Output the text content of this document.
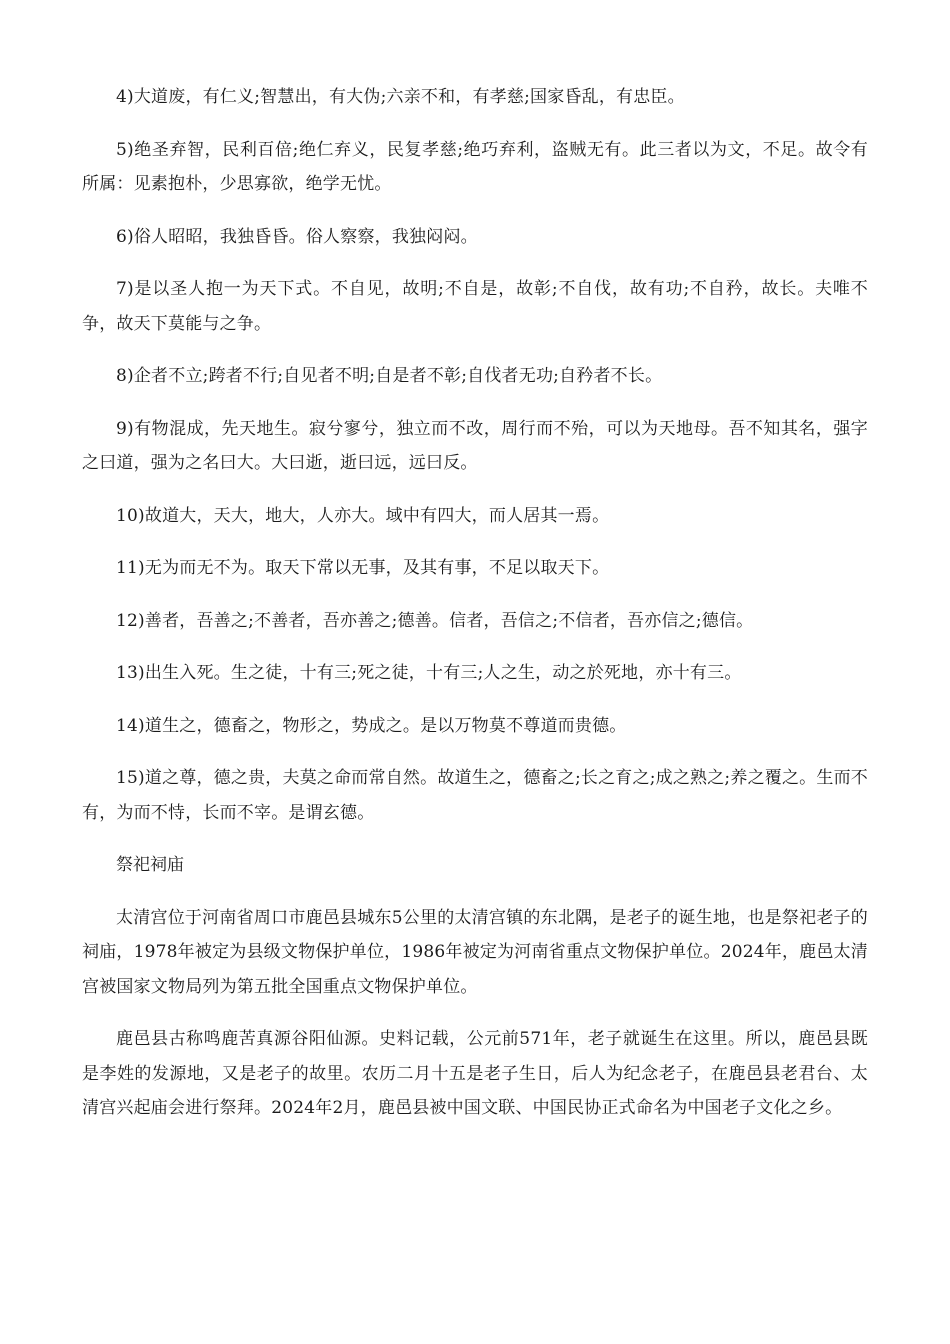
4)大道废，有仁义;智慧出，有大伪;六亲不和，有孝慈;国家昏乱，有忠臣。

5)绝圣弃智，民利百倍;绝仁弃义，民复孝慈;绝巧弃利，盗贼无有。此三者以为文，不足。故令有所属：见素抱朴，少思寡欲，绝学无忧。

6)俗人昭昭，我独昏昏。俗人察察，我独闷闷。

7)是以圣人抱一为天下式。不自见，故明;不自是，故彰;不自伐，故有功;不自矜，故长。夫唯不争，故天下莫能与之争。

8)企者不立;跨者不行;自见者不明;自是者不彰;自伐者无功;自矜者不长。

9)有物混成，先天地生。寂兮寥兮，独立而不改，周行而不殆，可以为天地母。吾不知其名，强字之曰道，强为之名曰大。大曰逝，逝曰远，远曰反。

10)故道大，天大，地大，人亦大。域中有四大，而人居其一焉。

11)无为而无不为。取天下常以无事，及其有事，不足以取天下。

12)善者，吾善之;不善者，吾亦善之;德善。信者，吾信之;不信者，吾亦信之;德信。

13)出生入死。生之徒，十有三;死之徒，十有三;人之生，动之於死地，亦十有三。

14)道生之，德畜之，物形之，势成之。是以万物莫不尊道而贵德。

15)道之尊，德之贵，夫莫之命而常自然。故道生之，德畜之;长之育之;成之熟之;养之覆之。生而不有，为而不恃，长而不宰。是谓玄德。

祭祀祠庙

太清宫位于河南省周口市鹿邑县城东5公里的太清宫镇的东北隅，是老子的诞生地，也是祭祀老子的祠庙，1978年被定为县级文物保护单位，1986年被定为河南省重点文物保护单位。2024年，鹿邑太清宫被国家文物局列为第五批全国重点文物保护单位。

鹿邑县古称鸣鹿苦真源谷阳仙源。史料记载，公元前571年，老子就诞生在这里。所以，鹿邑县既是李姓的发源地，又是老子的故里。农历二月十五是老子生日，后人为纪念老子，在鹿邑县老君台、太清宫兴起庙会进行祭拜。2024年2月，鹿邑县被中国文联、中国民协正式命名为中国老子文化之乡。
